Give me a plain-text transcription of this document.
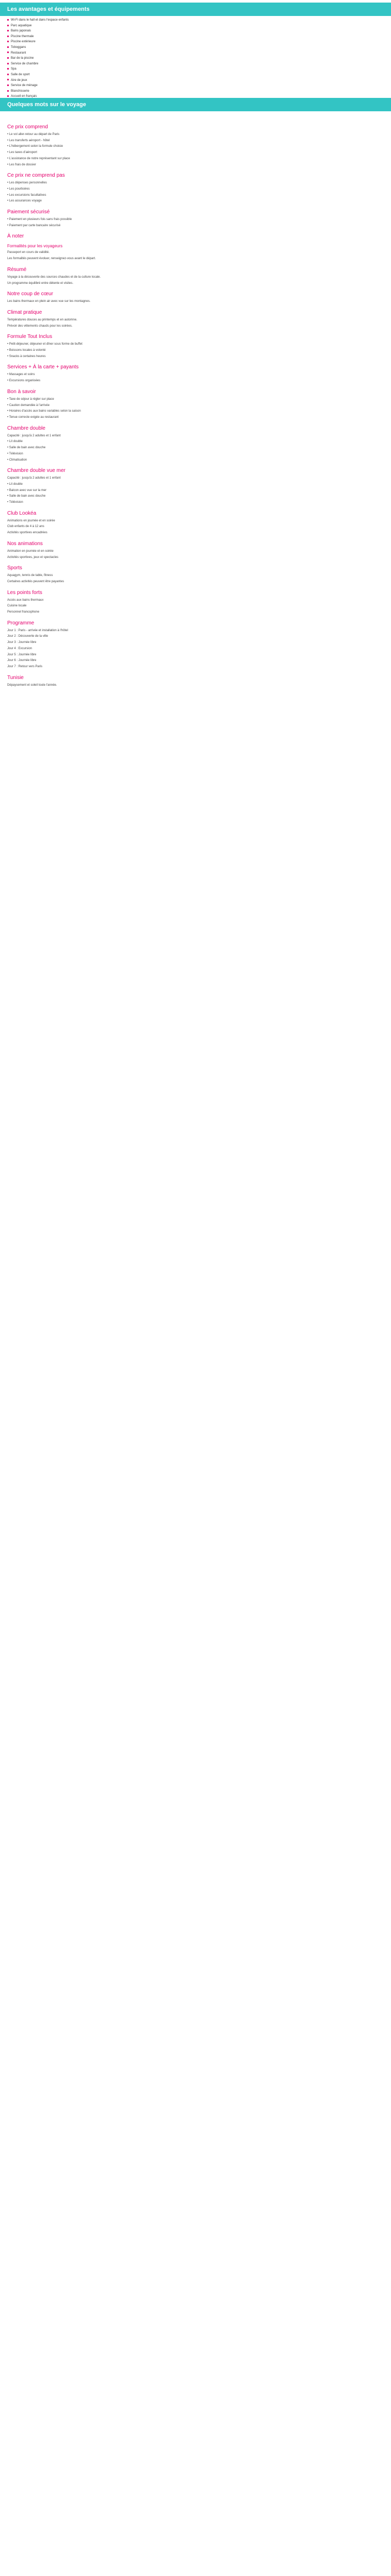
Les avantages et équipements
Wi-Fi dans le hall et dans l'espace enfants
Parc aquatique
Bains japonais
Piscine thermale
Piscine extérieure
Toboggans
Restaurant
Bar de la piscine
Service de chambre
Spa
Salle de sport
Aire de jeux
Service de ménage
Blanchisserie
Accueil en français
Quelques mots sur le voyage
Ce prix comprend

• Le vol aller-retour au départ de Paris

• Les transferts aéroport - hôtel

• L'hébergement selon la formule choisie

• Les taxes d'aéroport

• L'assistance de notre représentant sur place

• Les frais de dossier

Ce prix ne comprend pas

• Les dépenses personnelles

• Les pourboires

• Les excursions facultatives

• Les assurances voyage

Paiement sécurisé

• Paiement en plusieurs fois sans frais possible

• Paiement par carte bancaire sécurisé

À noter
Formalités pour les voyageurs

Passeport en cours de validité.

Les formalités peuvent évoluer, renseignez-vous avant le départ.

Résumé

Voyage à la découverte des sources chaudes et de la culture locale.

Un programme équilibré entre détente et visites.

Notre coup de cœur

Les bains thermaux en plein air avec vue sur les montagnes.

Climat pratique

Températures douces au printemps et en automne.

Prévoir des vêtements chauds pour les soirées.

Formule Tout Inclus

• Petit-déjeuner, déjeuner et dîner sous forme de buffet

• Boissons locales à volonté

• Snacks à certaines heures

Services + À la carte + payants

• Massages et soins

• Excursions organisées

Bon à savoir

• Taxe de séjour à régler sur place

• Caution demandée à l'arrivée

• Horaires d'accès aux bains variables selon la saison

• Tenue correcte exigée au restaurant

Chambre double

Capacité : jusqu'à 2 adultes et 1 enfant

• Lit double

• Salle de bain avec douche

• Télévision

• Climatisation

Chambre double vue mer

Capacité : jusqu'à 2 adultes et 1 enfant

• Lit double

• Balcon avec vue sur la mer

• Salle de bain avec douche

• Télévision

Club Lookéa

Animations en journée et en soirée

Club enfants de 4 à 12 ans

Activités sportives encadrées

Nos animations

Animation en journée et en soirée

Activités sportives, jeux et spectacles

Sports

Aquagym, tennis de table, fitness

Certaines activités peuvent être payantes

Les points forts

Accès aux bains thermaux

Cuisine locale

Personnel francophone

Programme

Jour 1 : Paris - arrivée et installation à l'hôtel

Jour 2 : Découverte de la ville

Jour 3 : Journée libre

Jour 4 : Excursion

Jour 5 : Journée libre

Jour 6 : Journée libre

Jour 7 : Retour vers Paris

Tunisie

Dépaysement et soleil toute l'année.
